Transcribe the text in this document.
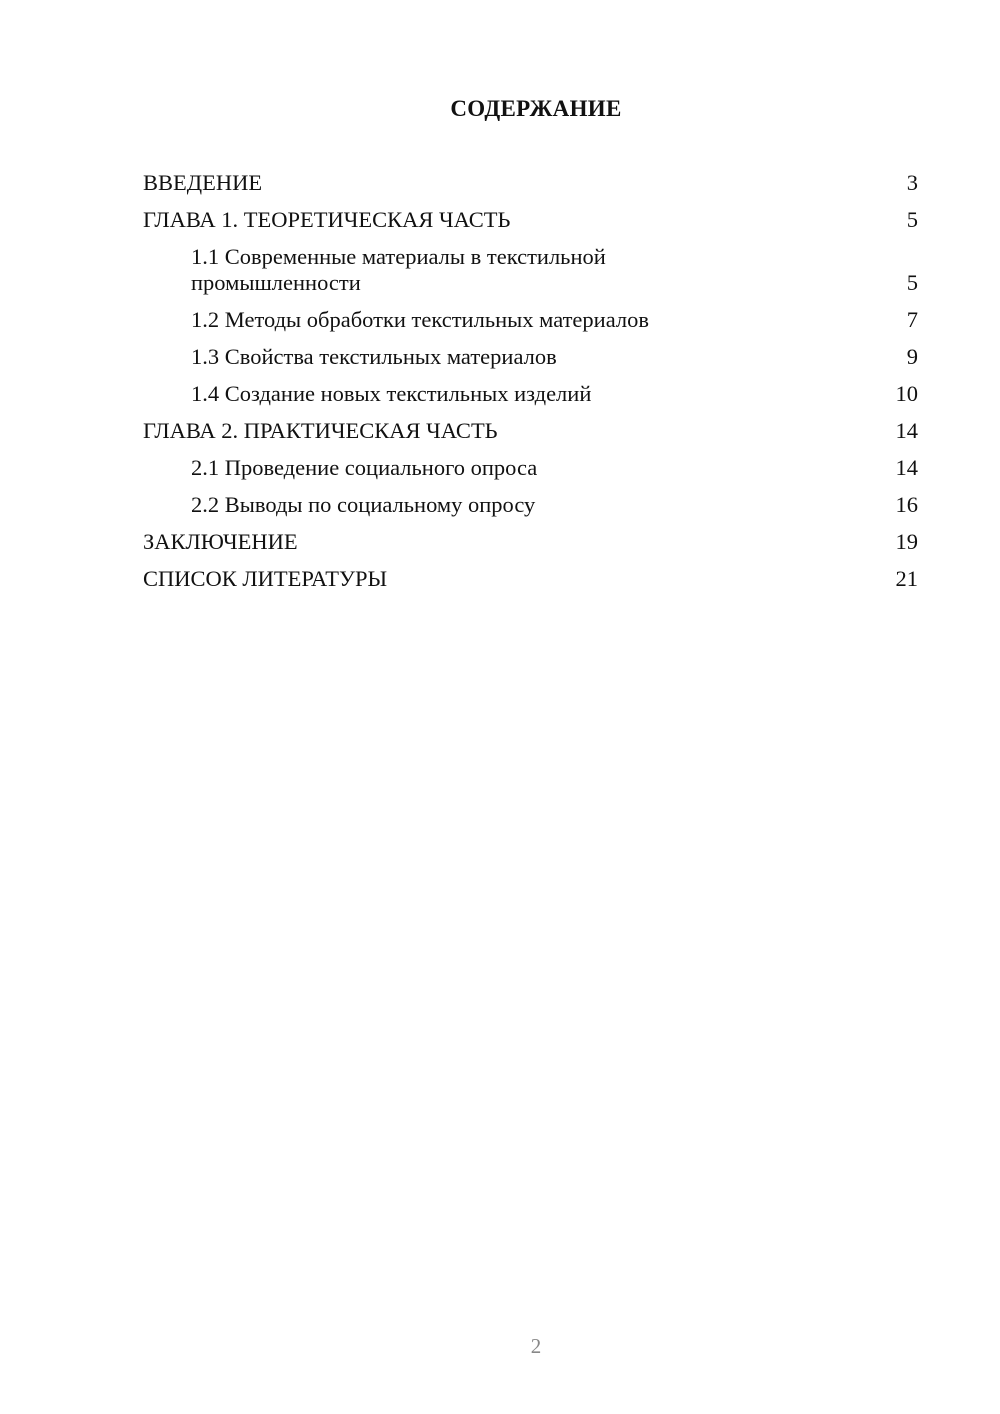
СОДЕРЖАНИЕ
ВВЕДЕНИЕ	3
ГЛАВА 1. ТЕОРЕТИЧЕСКАЯ ЧАСТЬ	5
1.1 Современные материалы в текстильной промышленности	5
1.2 Методы обработки текстильных материалов	7
1.3 Свойства текстильных материалов	9
1.4 Создание новых текстильных изделий	10
ГЛАВА 2. ПРАКТИЧЕСКАЯ ЧАСТЬ	14
2.1 Проведение социального опроса	14
2.2 Выводы по социальному опросу	16
ЗАКЛЮЧЕНИЕ	19
СПИСОК ЛИТЕРАТУРЫ	21
2
